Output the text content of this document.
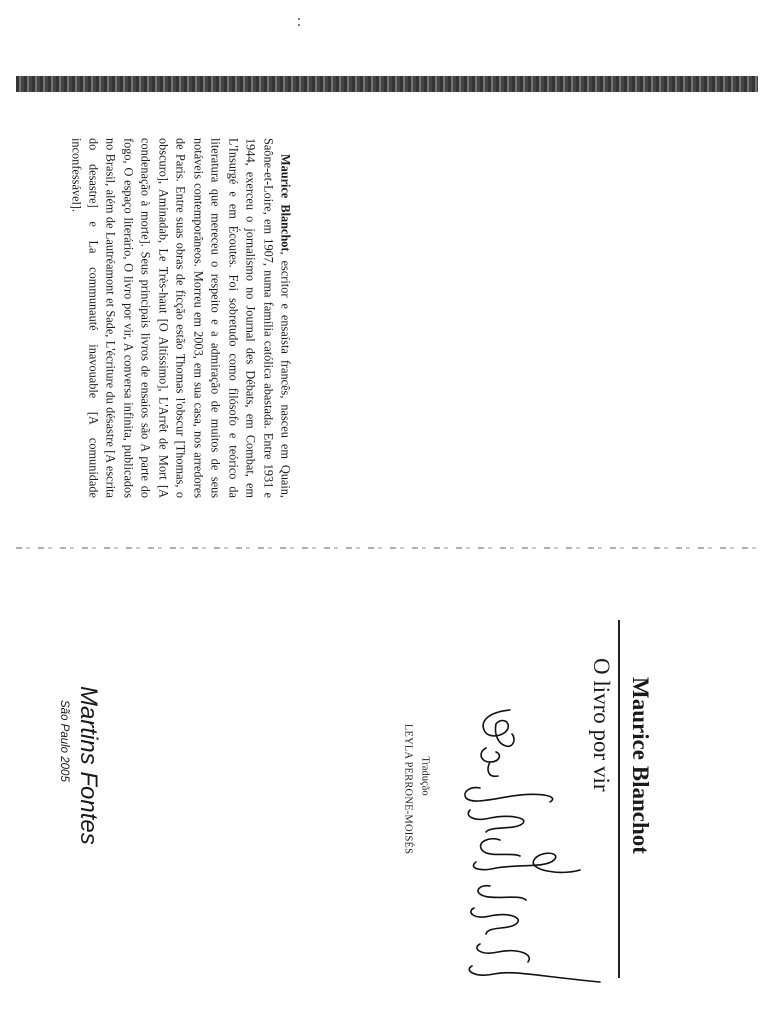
Maurice Blanchot, escritor e ensaísta francês, nasceu em Quain, Saône-et-Loire, em 1907, numa família católica abastada. Entre 1931 e 1944, exerceu o jornalismo no Journal des Débats, em Combat, em L'Insurgé e em Écoutes. Foi sobretudo como filósofo e teórico da literatura que mereceu o respeito e a admiração de muitos de seus notáveis contemporâneos. Morreu em 2003, em sua casa, nos arredores de Paris. Entre suas obras de ficção estão Thomas l'obscur [Thomas, o obscuro], Aminadab, Le Très-haut [O Altíssimo], L'Arrêt de Mort [A condenação à morte]. Seus principais livros de ensaios são A parte do fogo, O espaço literário, O livro por vir, A conversa infinita, publicados no Brasil, além de Lautréamont et Sade, L'écriture du désastre [A escrita do desastre] e La communauté inavouable [A comunidade inconfessável].
Maurice Blanchot
O livro por vir
Tradução
LEYLA PERRONE-MOISÉS
Martins Fontes
São Paulo 2005
